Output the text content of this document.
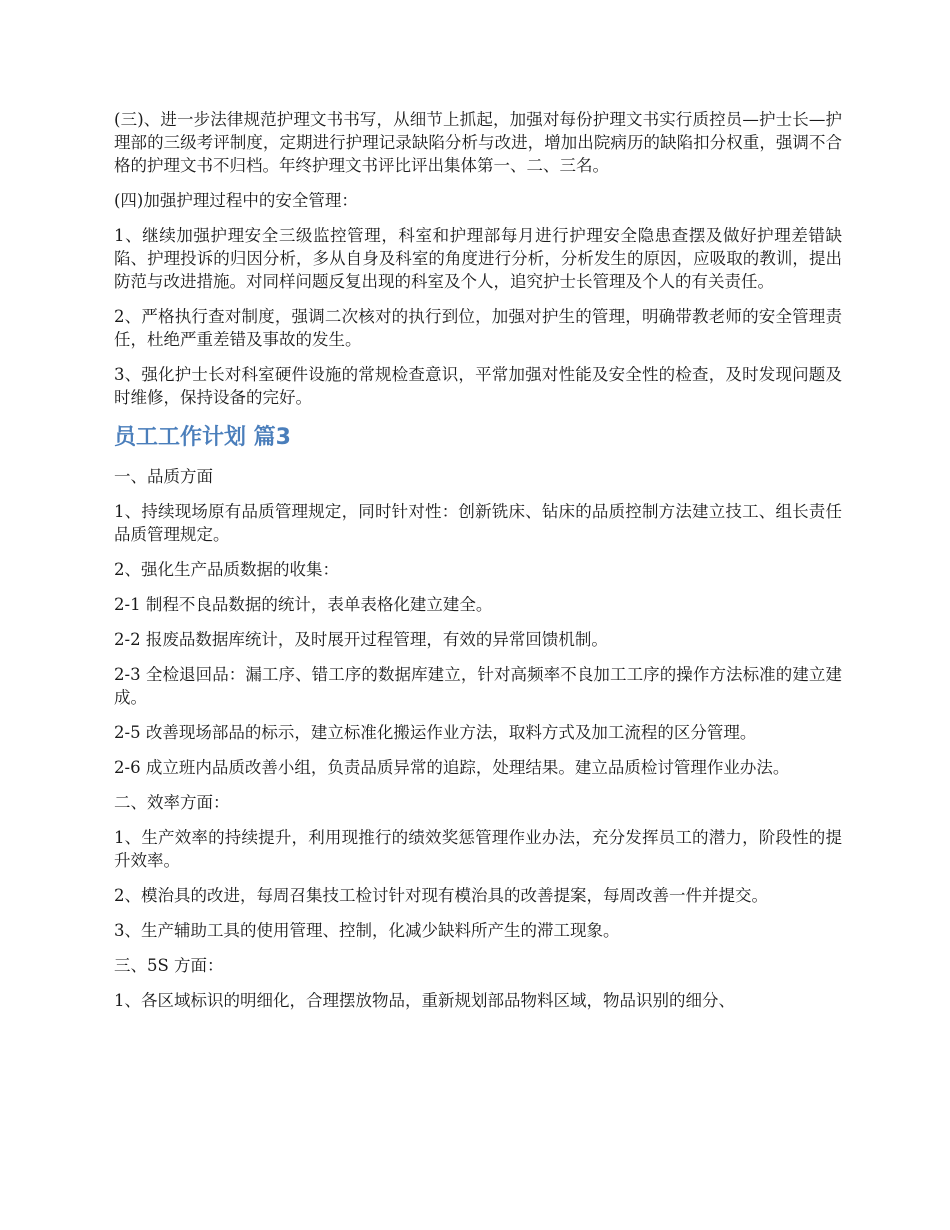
(三)、进一步法律规范护理文书书写，从细节上抓起，加强对每份护理文书实行质控员—护士长—护理部的三级考评制度，定期进行护理记录缺陷分析与改进，增加出院病历的缺陷扣分权重，强调不合格的护理文书不归档。年终护理文书评比评出集体第一、二、三名。

(四)加强护理过程中的安全管理：

1、继续加强护理安全三级监控管理，科室和护理部每月进行护理安全隐患查摆及做好护理差错缺陷、护理投诉的归因分析，多从自身及科室的角度进行分析，分析发生的原因，应吸取的教训，提出防范与改进措施。对同样问题反复出现的科室及个人，追究护士长管理及个人的有关责任。

2、严格执行查对制度，强调二次核对的执行到位，加强对护生的管理，明确带教老师的安全管理责任，杜绝严重差错及事故的发生。

3、强化护士长对科室硬件设施的常规检查意识，平常加强对性能及安全性的检查，及时发现问题及时维修，保持设备的完好。

员工工作计划 篇3

一、品质方面

1、持续现场原有品质管理规定，同时针对性：创新铣床、钻床的品质控制方法建立技工、组长责任品质管理规定。

2、强化生产品质数据的收集：

2-1 制程不良品数据的统计，表单表格化建立建全。

2-2 报废品数据库统计，及时展开过程管理，有效的异常回馈机制。

2-3 全检退回品：漏工序、错工序的数据库建立，针对高频率不良加工工序的操作方法标准的建立建成。

2-5 改善现场部品的标示，建立标准化搬运作业方法，取料方式及加工流程的区分管理。

2-6 成立班内品质改善小组，负责品质异常的追踪，处理结果。建立品质检讨管理作业办法。

二、效率方面：

1、生产效率的持续提升，利用现推行的绩效奖惩管理作业办法，充分发挥员工的潜力，阶段性的提升效率。

2、模治具的改进，每周召集技工检讨针对现有模治具的改善提案，每周改善一件并提交。

3、生产辅助工具的使用管理、控制，化减少缺料所产生的滞工现象。

三、5S 方面：

1、各区域标识的明细化，合理摆放物品，重新规划部品物料区域，物品识别的细分、
